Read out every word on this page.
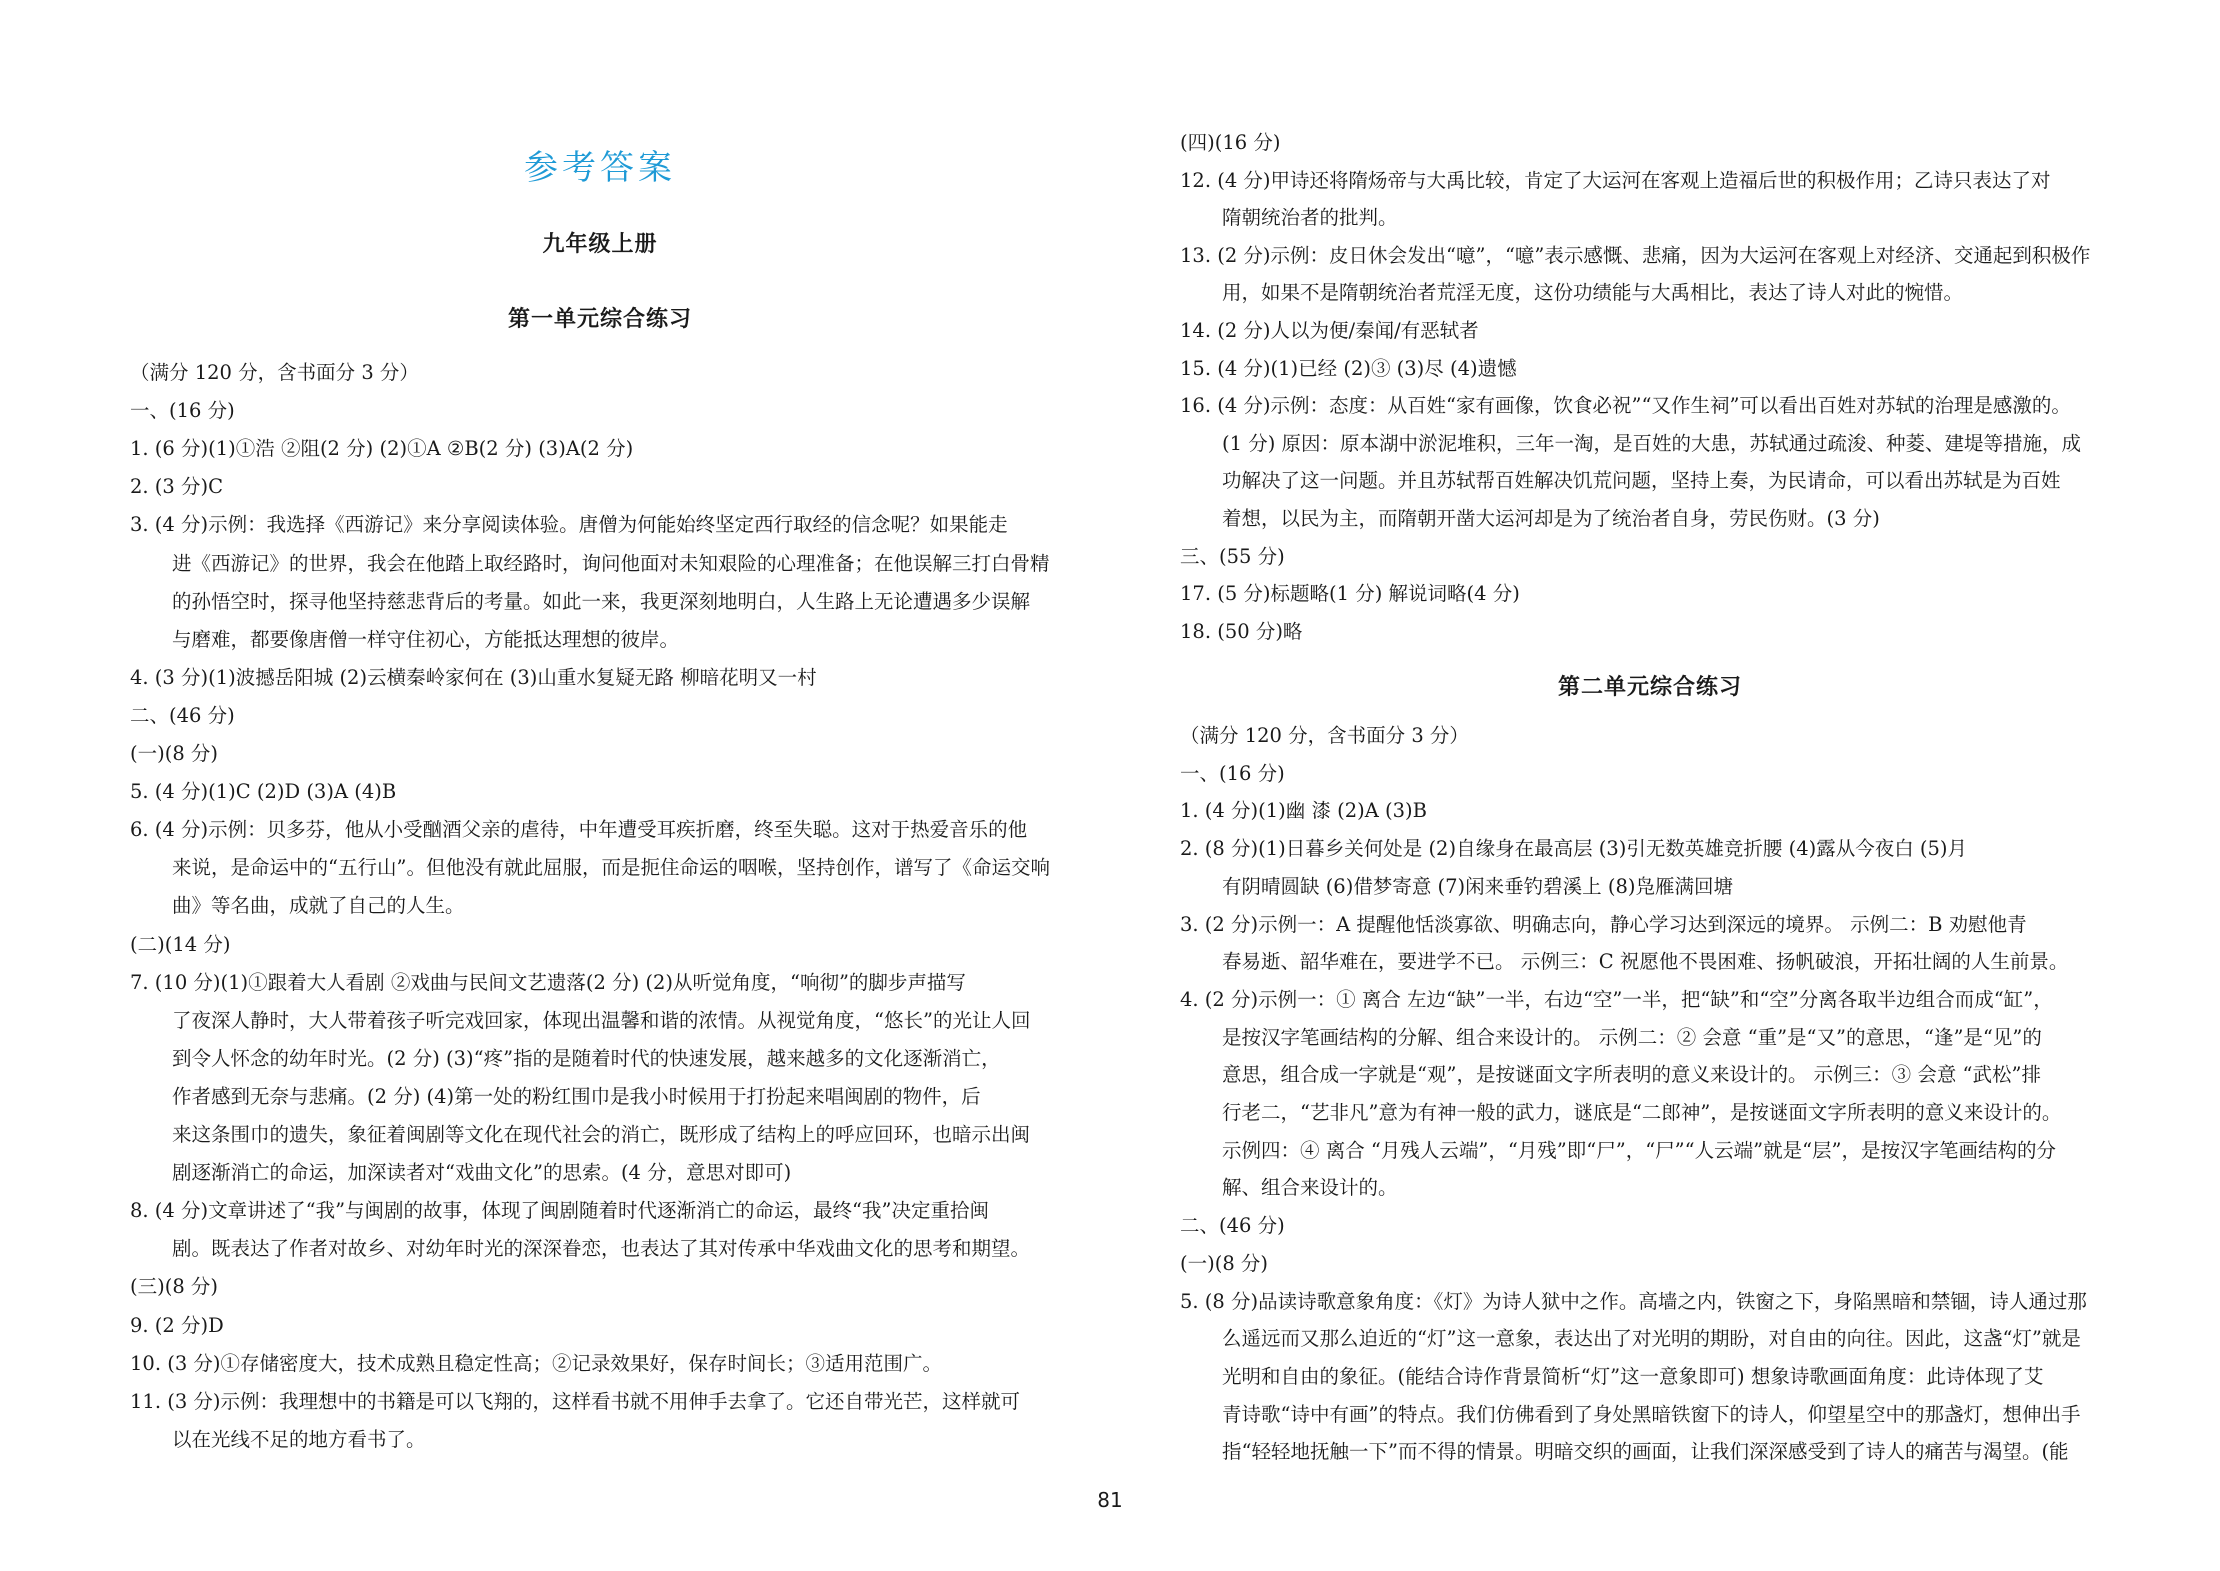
参考答案
九年级上册
第一单元综合练习
（满分 120 分，含书面分 3 分）
一、(16 分)
1. (6 分)(1)①浩 ②阻(2 分) (2)①A ②B(2 分) (3)A(2 分)
2. (3 分)C
3. (4 分)示例：我选择《西游记》来分享阅读体验。唐僧为何能始终坚定西行取经的信念呢？如果能走
进《西游记》的世界，我会在他踏上取经路时，询问他面对未知艰险的心理准备；在他误解三打白骨精
的孙悟空时，探寻他坚持慈悲背后的考量。如此一来，我更深刻地明白，人生路上无论遭遇多少误解
与磨难，都要像唐僧一样守住初心，方能抵达理想的彼岸。
4. (3 分)(1)波撼岳阳城 (2)云横秦岭家何在 (3)山重水复疑无路 柳暗花明又一村
二、(46 分)
(一)(8 分)
5. (4 分)(1)C (2)D (3)A (4)B
6. (4 分)示例：贝多芬，他从小受酗酒父亲的虐待，中年遭受耳疾折磨，终至失聪。这对于热爱音乐的他
来说，是命运中的“五行山”。但他没有就此屈服，而是扼住命运的咽喉，坚持创作，谱写了《命运交响
曲》等名曲，成就了自己的人生。
(二)(14 分)
7. (10 分)(1)①跟着大人看剧 ②戏曲与民间文艺遗落(2 分) (2)从听觉角度，“响彻”的脚步声描写
了夜深人静时，大人带着孩子听完戏回家，体现出温馨和谐的浓情。从视觉角度，“悠长”的光让人回
到令人怀念的幼年时光。(2 分) (3)“疼”指的是随着时代的快速发展，越来越多的文化逐渐消亡，
作者感到无奈与悲痛。(2 分) (4)第一处的粉红围巾是我小时候用于打扮起来唱闽剧的物件，后
来这条围巾的遗失，象征着闽剧等文化在现代社会的消亡，既形成了结构上的呼应回环，也暗示出闽
剧逐渐消亡的命运，加深读者对“戏曲文化”的思索。(4 分，意思对即可)
8. (4 分)文章讲述了“我”与闽剧的故事，体现了闽剧随着时代逐渐消亡的命运，最终“我”决定重拾闽
剧。既表达了作者对故乡、对幼年时光的深深眷恋，也表达了其对传承中华戏曲文化的思考和期望。
(三)(8 分)
9. (2 分)D
10. (3 分)①存储密度大，技术成熟且稳定性高；②记录效果好，保存时间长；③适用范围广。
11. (3 分)示例：我理想中的书籍是可以飞翔的，这样看书就不用伸手去拿了。它还自带光芒，这样就可
以在光线不足的地方看书了。
(四)(16 分)
12. (4 分)甲诗还将隋炀帝与大禹比较，肯定了大运河在客观上造福后世的积极作用；乙诗只表达了对
隋朝统治者的批判。
13. (2 分)示例：皮日休会发出“噫”，“噫”表示感慨、悲痛，因为大运河在客观上对经济、交通起到积极作
用，如果不是隋朝统治者荒淫无度，这份功绩能与大禹相比，表达了诗人对此的惋惜。
14. (2 分)人以为便/秦闻/有恶轼者
15. (4 分)(1)已经 (2)③ (3)尽 (4)遗憾
16. (4 分)示例：态度：从百姓“家有画像，饮食必祝”“又作生祠”可以看出百姓对苏轼的治理是感激的。
(1 分) 原因：原本湖中淤泥堆积，三年一淘，是百姓的大患，苏轼通过疏浚、种菱、建堤等措施，成
功解决了这一问题。并且苏轼帮百姓解决饥荒问题，坚持上奏，为民请命，可以看出苏轼是为百姓
着想，以民为主，而隋朝开凿大运河却是为了统治者自身，劳民伤财。(3 分)
三、(55 分)
17. (5 分)标题略(1 分) 解说词略(4 分)
18. (50 分)略
第二单元综合练习
（满分 120 分，含书面分 3 分）
一、(16 分)
1. (4 分)(1)幽 漆 (2)A (3)B
2. (8 分)(1)日暮乡关何处是 (2)自缘身在最高层 (3)引无数英雄竞折腰 (4)露从今夜白 (5)月
有阴晴圆缺 (6)借梦寄意 (7)闲来垂钓碧溪上 (8)凫雁满回塘
3. (2 分)示例一：A 提醒他恬淡寡欲、明确志向，静心学习达到深远的境界。 示例二：B 劝慰他青
春易逝、韶华难在，要进学不已。 示例三：C 祝愿他不畏困难、扬帆破浪，开拓壮阔的人生前景。
4. (2 分)示例一：① 离合 左边“缺”一半，右边“空”一半，把“缺”和“空”分离各取半边组合而成“缸”，
是按汉字笔画结构的分解、组合来设计的。 示例二：② 会意 “重”是“又”的意思，“逢”是“见”的
意思，组合成一字就是“观”，是按谜面文字所表明的意义来设计的。 示例三：③ 会意 “武松”排
行老二，“艺非凡”意为有神一般的武力，谜底是“二郎神”，是按谜面文字所表明的意义来设计的。
示例四：④ 离合 “月残人云端”，“月残”即“尸”，“尸”“人云端”就是“层”，是按汉字笔画结构的分
解、组合来设计的。
二、(46 分)
(一)(8 分)
5. (8 分)品读诗歌意象角度：《灯》为诗人狱中之作。高墙之内，铁窗之下，身陷黑暗和禁锢，诗人通过那
么遥远而又那么迫近的“灯”这一意象，表达出了对光明的期盼，对自由的向往。因此，这盏“灯”就是
光明和自由的象征。(能结合诗作背景简析“灯”这一意象即可) 想象诗歌画面角度：此诗体现了艾
青诗歌“诗中有画”的特点。我们仿佛看到了身处黑暗铁窗下的诗人，仰望星空中的那盏灯，想伸出手
指“轻轻地抚触一下”而不得的情景。明暗交织的画面，让我们深深感受到了诗人的痛苦与渴望。(能
81
